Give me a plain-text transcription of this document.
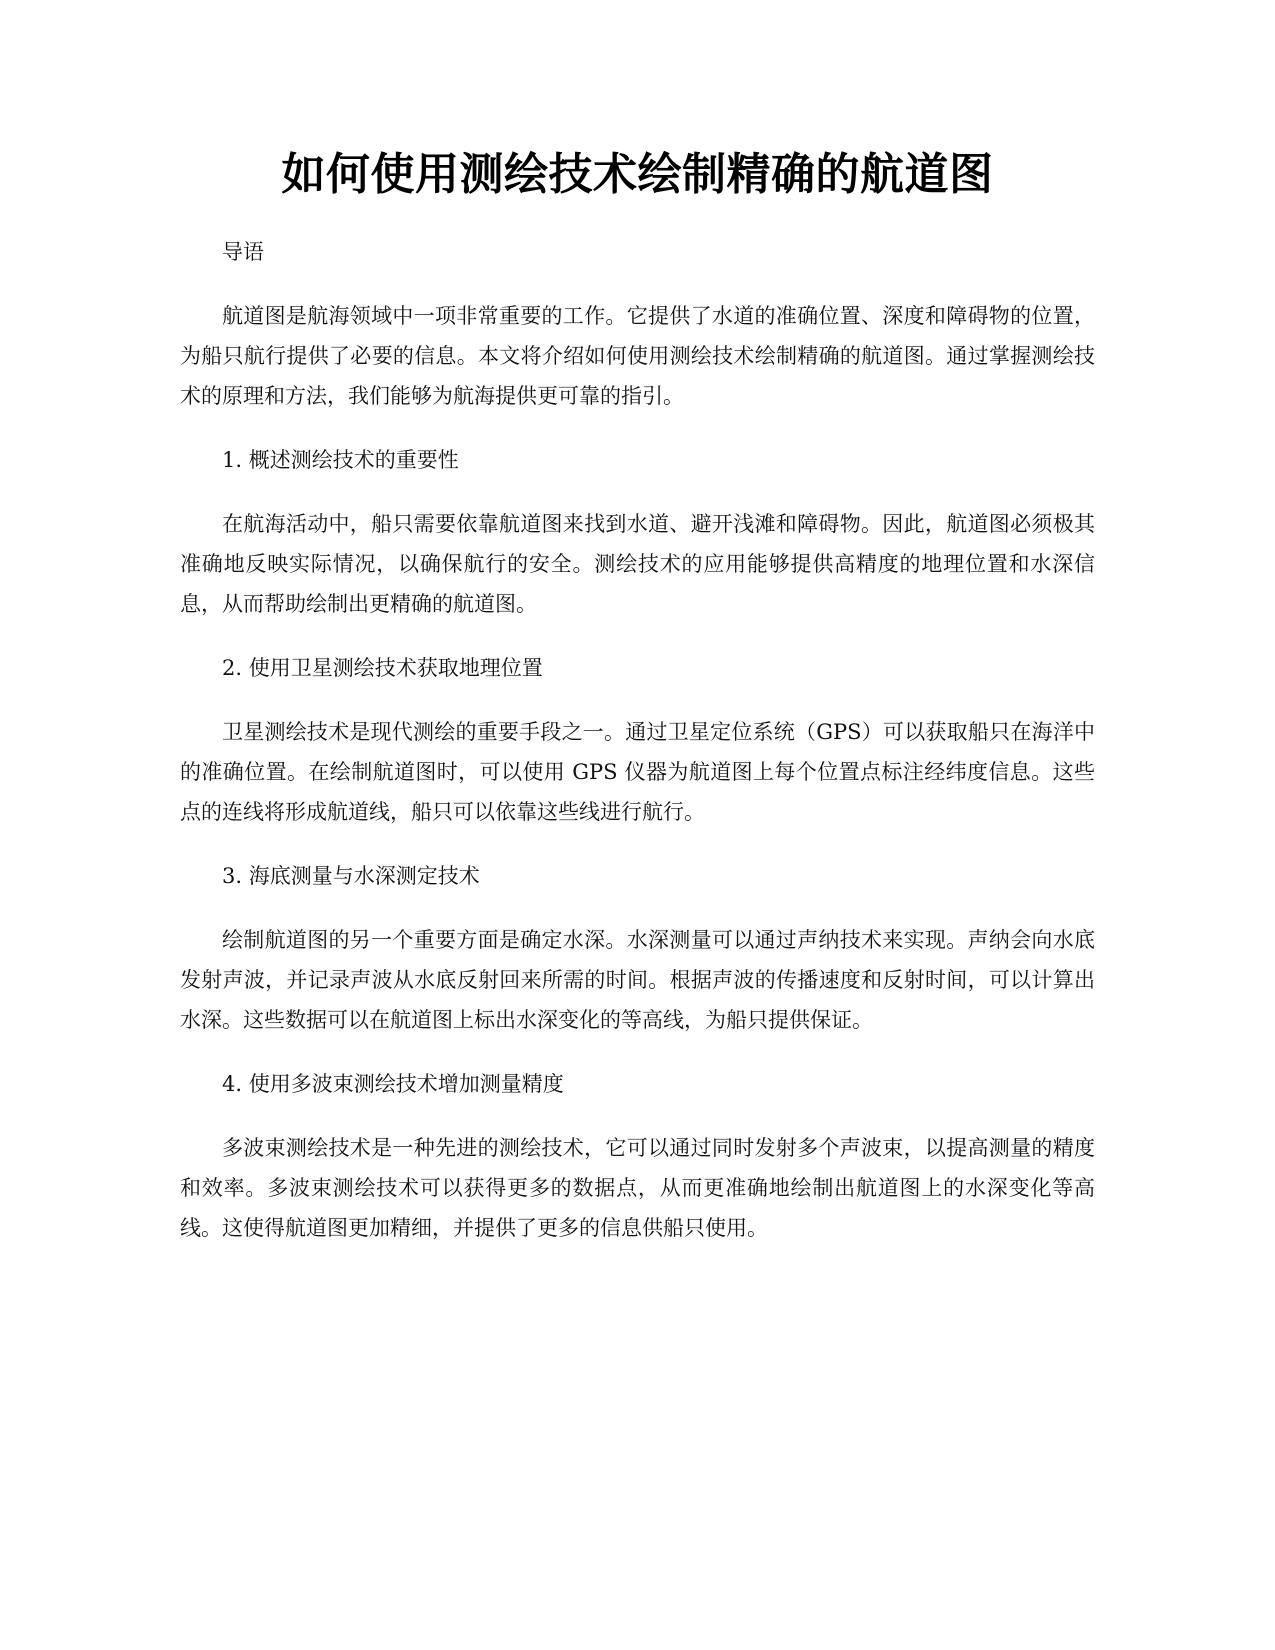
如何使用测绘技术绘制精确的航道图

导语

航道图是航海领域中一项非常重要的工作。它提供了水道的准确位置、深度和障碍物的位置，为船只航行提供了必要的信息。本文将介绍如何使用测绘技术绘制精确的航道图。通过掌握测绘技术的原理和方法，我们能够为航海提供更可靠的指引。

1. 概述测绘技术的重要性

在航海活动中，船只需要依靠航道图来找到水道、避开浅滩和障碍物。因此，航道图必须极其准确地反映实际情况，以确保航行的安全。测绘技术的应用能够提供高精度的地理位置和水深信息，从而帮助绘制出更精确的航道图。

2. 使用卫星测绘技术获取地理位置

卫星测绘技术是现代测绘的重要手段之一。通过卫星定位系统（GPS）可以获取船只在海洋中的准确位置。在绘制航道图时，可以使用 GPS 仪器为航道图上每个位置点标注经纬度信息。这些点的连线将形成航道线，船只可以依靠这些线进行航行。

3. 海底测量与水深测定技术

绘制航道图的另一个重要方面是确定水深。水深测量可以通过声纳技术来实现。声纳会向水底发射声波，并记录声波从水底反射回来所需的时间。根据声波的传播速度和反射时间，可以计算出水深。这些数据可以在航道图上标出水深变化的等高线，为船只提供保证。

4. 使用多波束测绘技术增加测量精度

多波束测绘技术是一种先进的测绘技术，它可以通过同时发射多个声波束，以提高测量的精度和效率。多波束测绘技术可以获得更多的数据点，从而更准确地绘制出航道图上的水深变化等高线。这使得航道图更加精细，并提供了更多的信息供船只使用。
